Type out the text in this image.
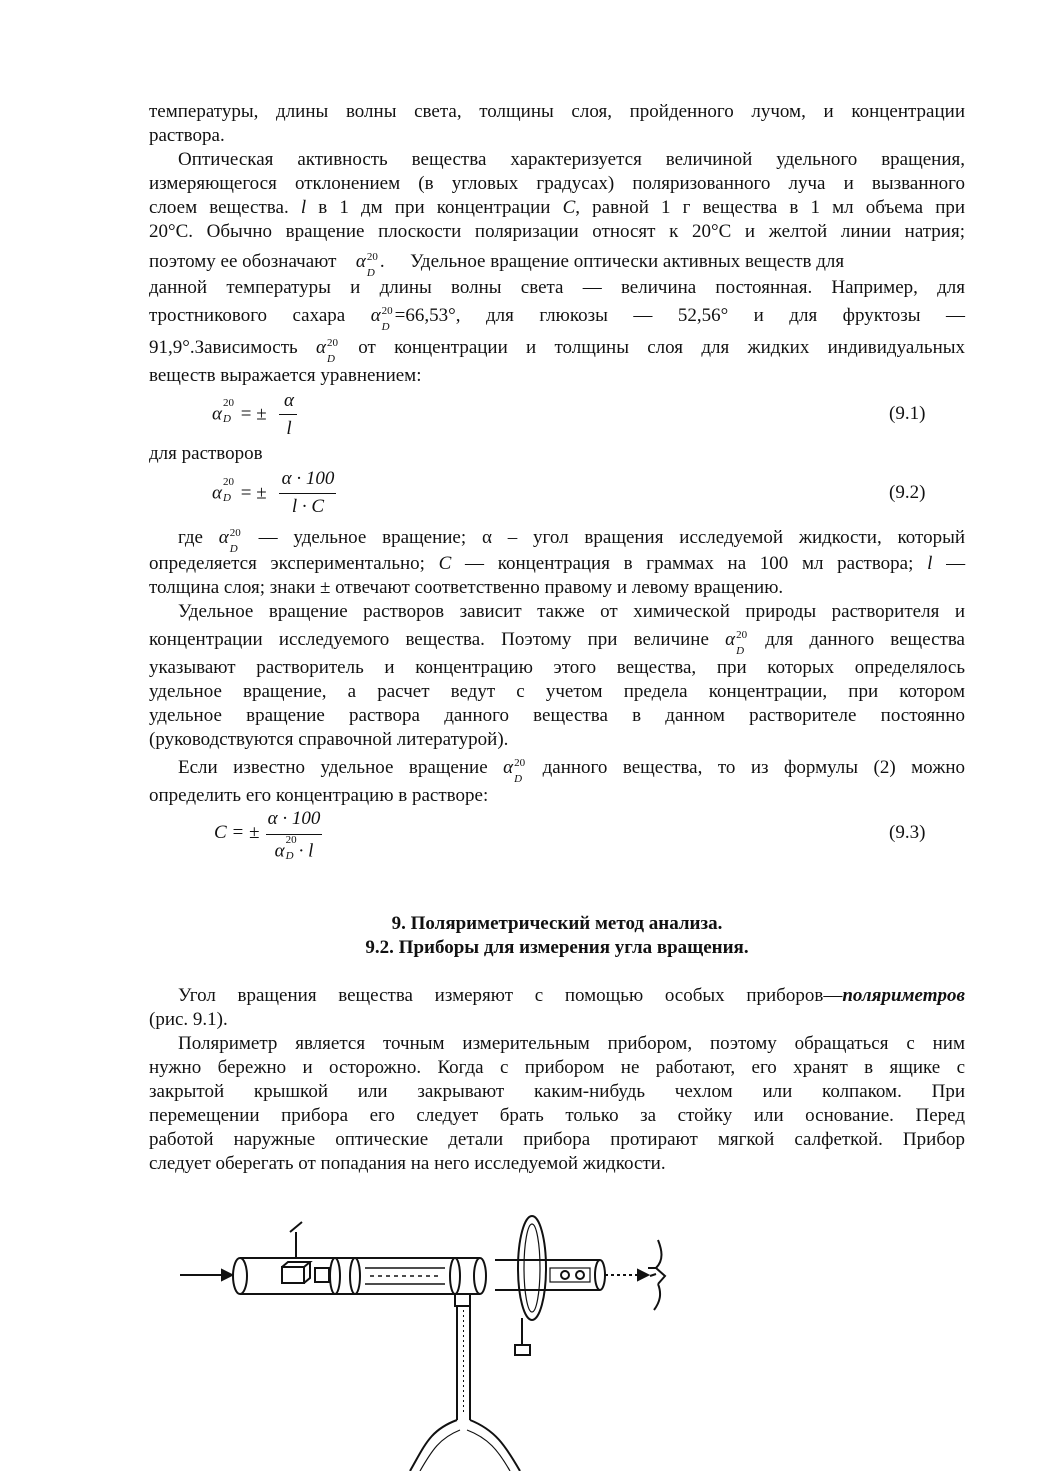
температуры, длины волны света, толщины слоя, пройденного лучом, и концентрации
раствора.
Оптическая активность вещества характеризуется величиной удельного вращения,
измеряющегося отклонением (в угловых градусах) поляризованного луча и вызванного
слоем вещества. l в 1 дм при концентрации C, равной 1 г вещества в 1 мл объема при
20°С. Обычно вращение плоскости поляризации относят к 20°С и желтой линии натрия;
поэтому ее обозначают α 20
D
. Удельное вращение оптически активных веществ для
данной температуры и длины волны света — величина постоянная. Например, для
тростникового сахара α 20
D
=66,53°, для глюкозы — 52,56° и для фруктозы —
91,9°.Зависимость α 20
D
от концентрации и толщины слоя для жидких индивидуальных
веществ выражается уравнением:
α
20
D = ±
α
l
(9.1)
для растворов
α
20
D = ±
α · 100
l · C
(9.2)
где α 20
D
— удельное вращение; α – угол вращения исследуемой жидкости, который
определяется экспериментально; C — концентрация в граммах на 100 мл раствора; l —
толщина слоя; знаки ± отвечают соответственно правому и левому вращению.
Удельное вращение растворов зависит также от химической природы растворителя и
концентрации исследуемого вещества. Поэтому при величине α 20
D
для данного вещества
указывают растворитель и концентрацию этого вещества, при которых определялось
удельное вращение, а расчет ведут с учетом предела концентрации, при котором
удельное вращение раствора данного вещества в данном растворителе постоянно
(руководствуются справочной литературой).
Если известно удельное вращение α 20
D
данного вещества, то из формулы (2) можно
определить его концентрацию в растворе:
C = ±
α · 100
α
20
D · l
(9.3)
9. Поляриметрический метод анализа.
9.2. Приборы для измерения угла вращения.
Угол вращения вещества измеряют с помощью особых приборов—поляриметров
(рис. 9.1).
Поляриметр является точным измерительным прибором, поэтому обращаться с ним
нужно бережно и осторожно. Когда с прибором не работают, его хранят в ящике с
закрытой крышкой или закрывают каким-нибудь чехлом или колпаком. При
перемещении прибора его следует брать только за стойку или основание. Перед
работой наружные оптические детали прибора протирают мягкой салфеткой. Прибор
следует оберегать от попадания на него исследуемой жидкости.
